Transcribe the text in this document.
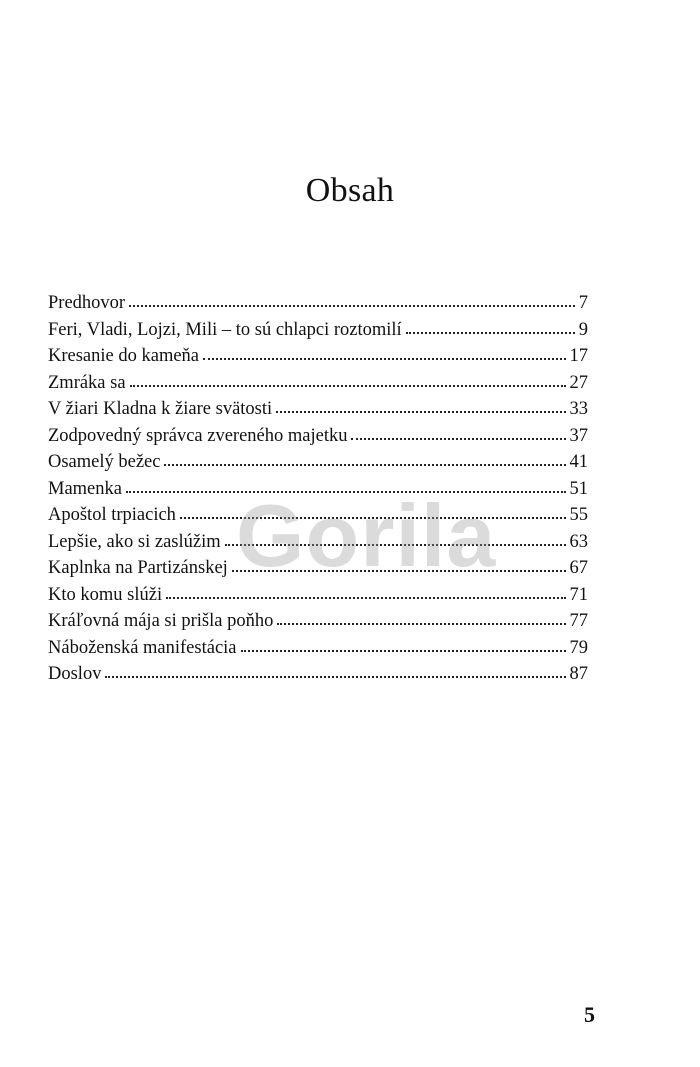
Obsah
Predhovor	7
Feri, Vladi, Lojzi, Mili – to sú chlapci roztomilí	9
Kresanie do kameňa	17
Zmráka sa	27
V žiari Kladna k žiare svätosti	33
Zodpovedný správca zvereného majetku	37
Osamelý bežec	41
Mamenka	51
Apoštol trpiacich	55
Lepšie, ako si zaslúžim	63
Kaplnka na Partizánskej	67
Kto komu slúži	71
Kráľovná mája si prišla poňho	77
Náboženská manifestácia	79
Doslov	87
Gorila
5
